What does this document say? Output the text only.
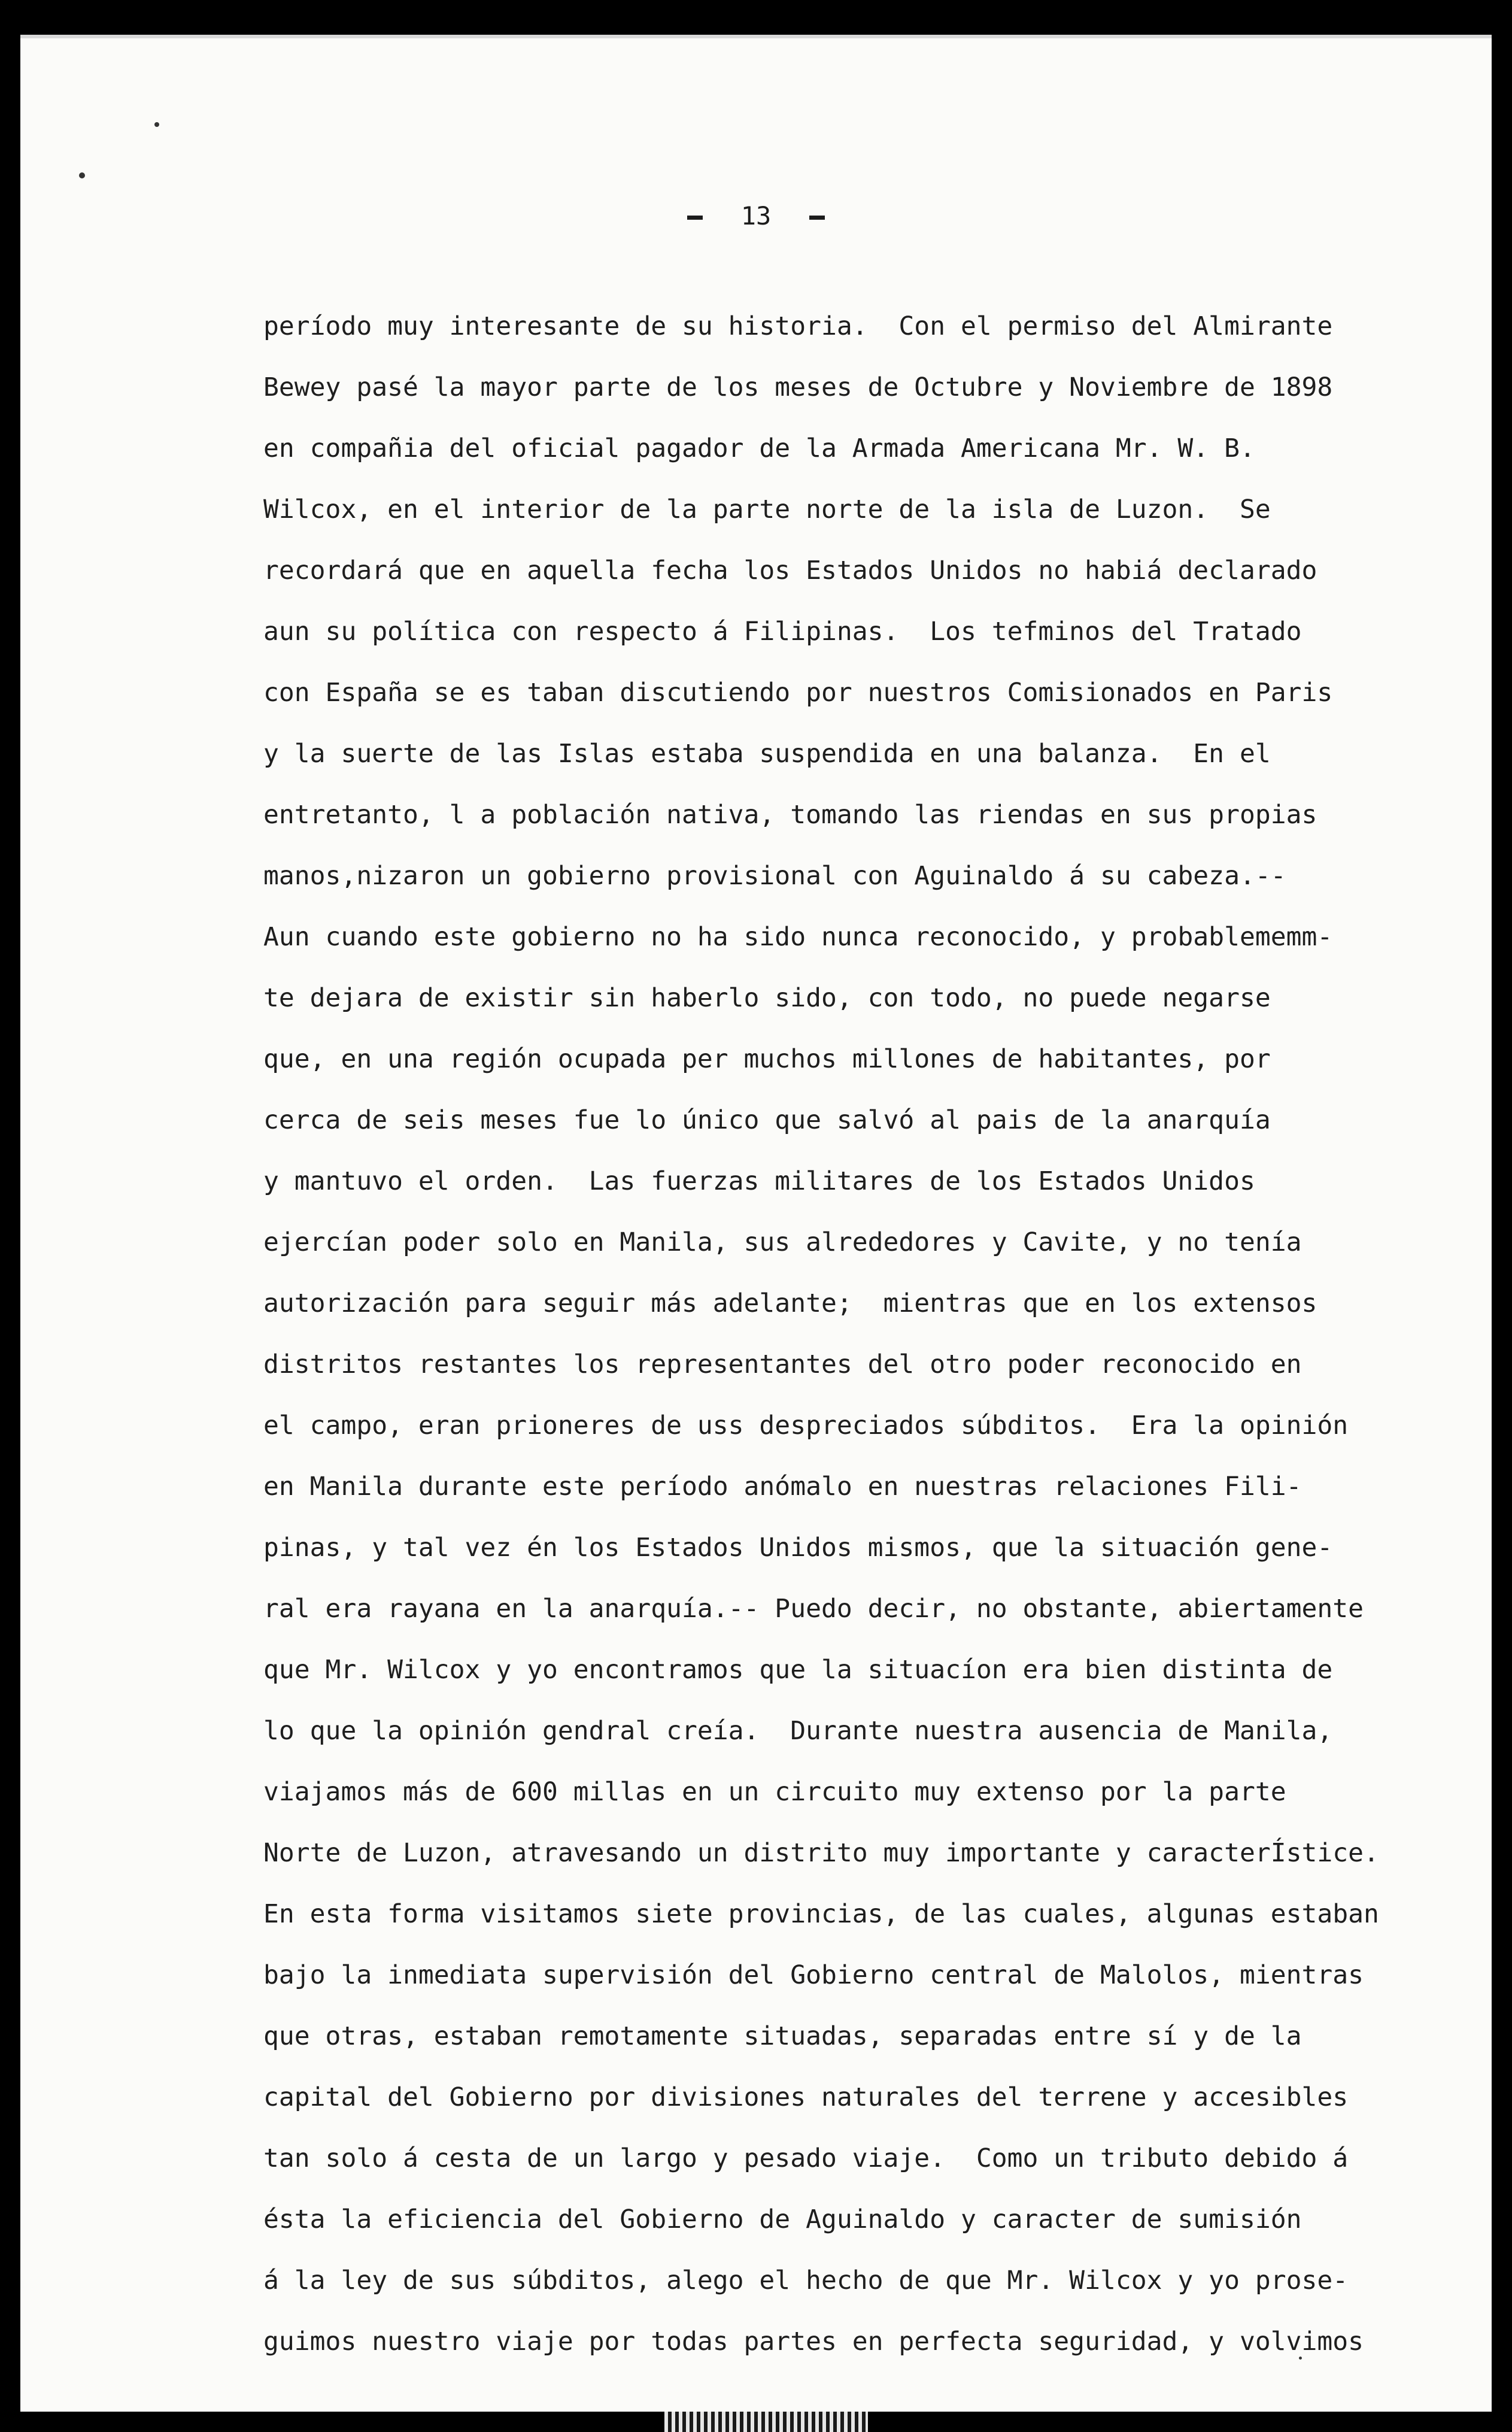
13
período muy interesante de su historia.  Con el permiso del Almirante
Bewey pasé la mayor parte de los meses de Octubre y Noviembre de 1898
en compañia del oficial pagador de la Armada Americana Mr. W. B.
Wilcox, en el interior de la parte norte de la isla de Luzon.  Se
recordará que en aquella fecha los Estados Unidos no habiá declarado
aun su política con respecto á Filipinas.  Los tefminos del Tratado
con España se es taban discutiendo por nuestros Comisionados en Paris
y la suerte de las Islas estaba suspendida en una balanza.  En el
entretanto, l a población nativa, tomando las riendas en sus propias
manos,nizaron un gobierno provisional con Aguinaldo á su cabeza.--
Aun cuando este gobierno no ha sido nunca reconocido, y probablememm-
te dejara de existir sin haberlo sido, con todo, no puede negarse
que, en una región ocupada per muchos millones de habitantes, por
cerca de seis meses fue lo único que salvó al pais de la anarquía
y mantuvo el orden.  Las fuerzas militares de los Estados Unidos
ejercían poder solo en Manila, sus alrededores y Cavite, y no tenía
autorización para seguir más adelante;  mientras que en los extensos
distritos restantes los representantes del otro poder reconocido en
el campo, eran prioneres de uss despreciados súbditos.  Era la opinión
en Manila durante este período anómalo en nuestras relaciones Fili-
pinas, y tal vez én los Estados Unidos mismos, que la situación gene-
ral era rayana en la anarquía.-- Puedo decir, no obstante, abiertamente
que Mr. Wilcox y yo encontramos que la situacíon era bien distinta de
lo que la opinión gendral creía.  Durante nuestra ausencia de Manila,
viajamos más de 600 millas en un circuito muy extenso por la parte
Norte de Luzon, atravesando un distrito muy importante y caracterÍstice.
En esta forma visitamos siete provincias, de las cuales, algunas estaban
bajo la inmediata supervisión del Gobierno central de Malolos, mientras
que otras, estaban remotamente situadas, separadas entre sí y de la
capital del Gobierno por divisiones naturales del terrene y accesibles
tan solo á cesta de un largo y pesado viaje.  Como un tributo debido á
ésta la eficiencia del Gobierno de Aguinaldo y caracter de sumisión
á la ley de sus súbditos, alego el hecho de que Mr. Wilcox y yo prose-
guimos nuestro viaje por todas partes en perfecta seguridad, y volvimos
